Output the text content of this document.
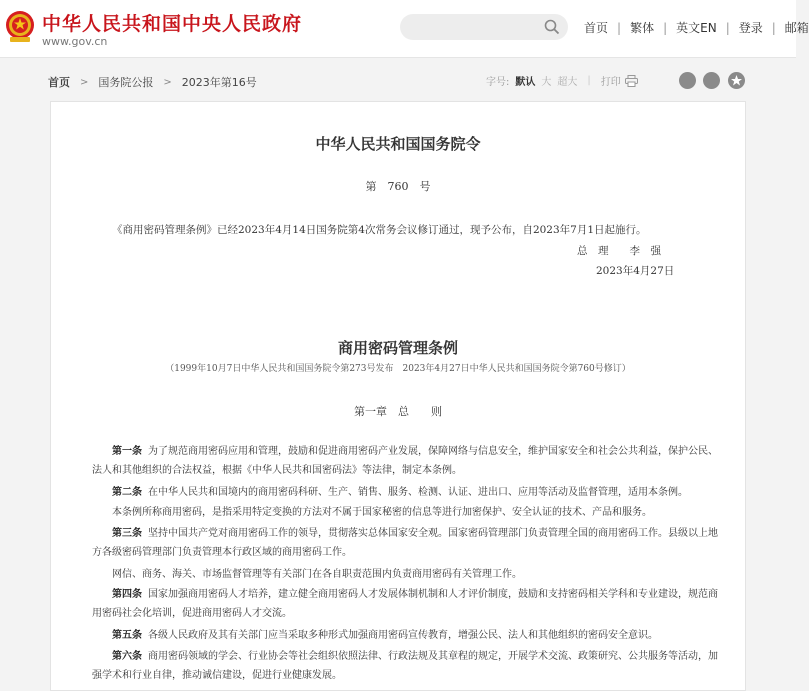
中华人民共和国中央人民政府
www.gov.cn
首页 | 繁体 | 英文EN | 登录 | 邮箱
首页 > 国务院公报 > 2023年第16号	字号: 默认 大 超大 | 打印
中华人民共和国国务院令
第　760　号
《商用密码管理条例》已经2023年4月14日国务院第4次常务会议修订通过，现予公布，自2023年7月1日起施行。
总　理　　李　强
2023年4月27日
商用密码管理条例
（1999年10月7日中华人民共和国国务院令第273号发布　2023年4月27日中华人民共和国国务院令第760号修订）
第一章　总　　则
第一条 为了规范商用密码应用和管理，鼓励和促进商用密码产业发展，保障网络与信息安全，维护国家安全和社会公共利益，保护公民、法人和其他组织的合法权益，根据《中华人民共和国密码法》等法律，制定本条例。
第二条 在中华人民共和国境内的商用密码科研、生产、销售、服务、检测、认证、进出口、应用等活动及监督管理，适用本条例。
本条例所称商用密码，是指采用特定变换的方法对不属于国家秘密的信息等进行加密保护、安全认证的技术、产品和服务。
第三条 坚持中国共产党对商用密码工作的领导，贯彻落实总体国家安全观。国家密码管理部门负责管理全国的商用密码工作。县级以上地方各级密码管理部门负责管理本行政区域的商用密码工作。
网信、商务、海关、市场监督管理等有关部门在各自职责范围内负责商用密码有关管理工作。
第四条 国家加强商用密码人才培养，建立健全商用密码人才发展体制机制和人才评价制度，鼓励和支持密码相关学科和专业建设，规范商用密码社会化培训，促进商用密码人才交流。
第五条 各级人民政府及其有关部门应当采取多种形式加强商用密码宣传教育，增强公民、法人和其他组织的密码安全意识。
第六条 商用密码领域的学会、行业协会等社会组织依照法律、行政法规及其章程的规定，开展学术交流、政策研究、公共服务等活动，加强学术和行业自律，推动诚信建设，促进行业健康发展。
